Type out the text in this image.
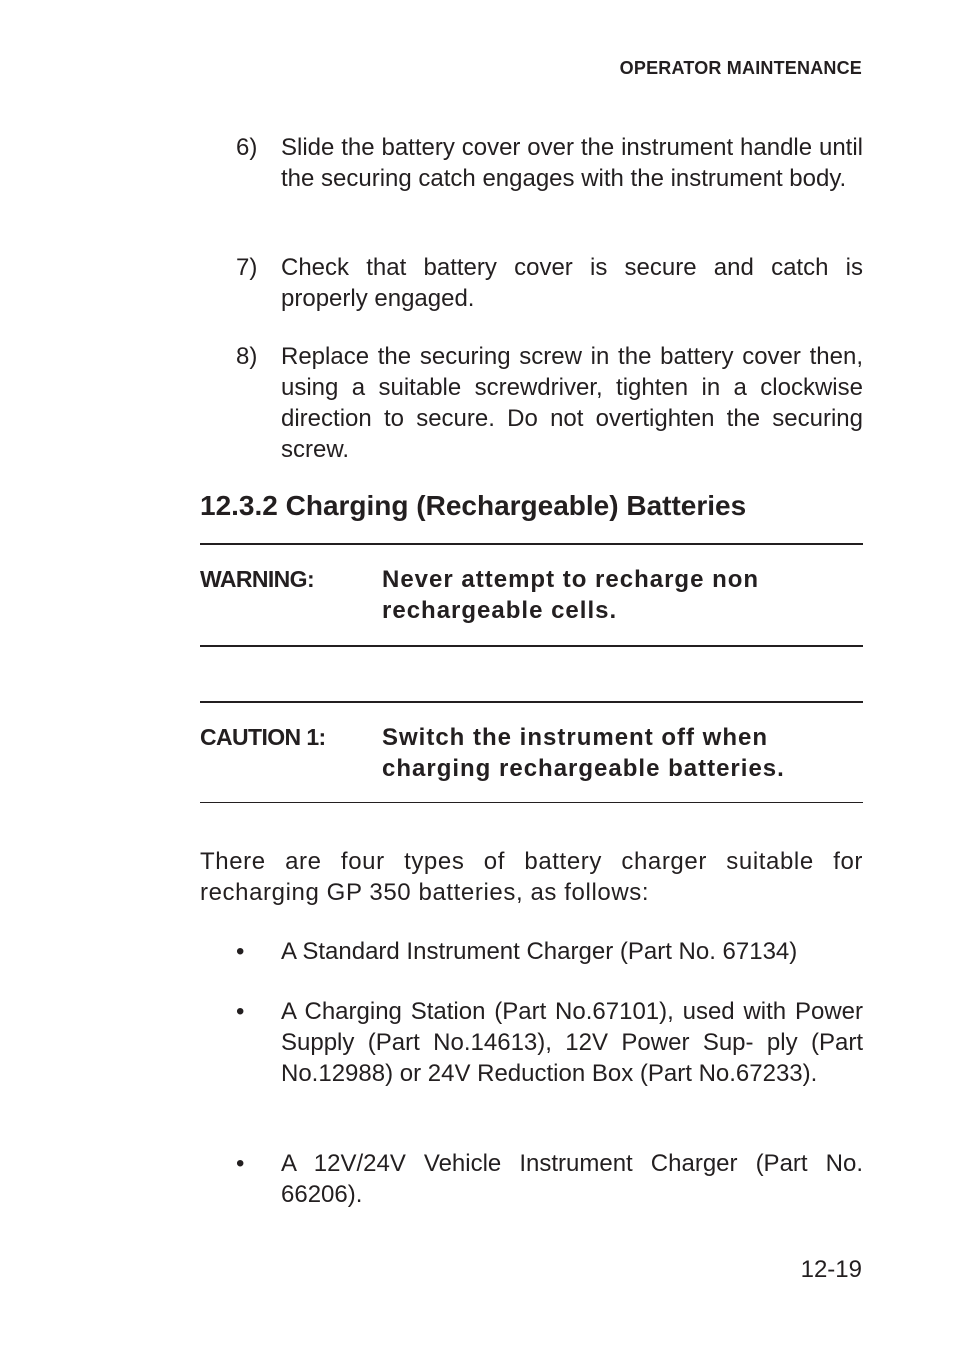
OPERATOR MAINTENANCE
6) Slide the battery cover over the instrument handle until the securing catch engages with the instrument body.
7) Check that battery cover is secure and catch is properly engaged.
8) Replace the securing screw in the battery cover then, using a suitable screwdriver, tighten in a clockwise direction to secure. Do not overtighten the securing screw.
12.3.2 Charging (Rechargeable) Batteries
WARNING:	Never attempt to recharge non rechargeable cells.
CAUTION 1: Switch the instrument off when charging rechargeable batteries.
There are four types of battery charger suitable for recharging GP 350 batteries, as follows:
• A Standard Instrument Charger (Part No. 67134)
• A Charging Station (Part No.67101), used with Power Supply (Part No.14613), 12V Power Sup- ply (Part No.12988) or 24V Reduction Box (Part No.67233).
• A 12V/24V Vehicle Instrument Charger (Part No. 66206).
12-19
